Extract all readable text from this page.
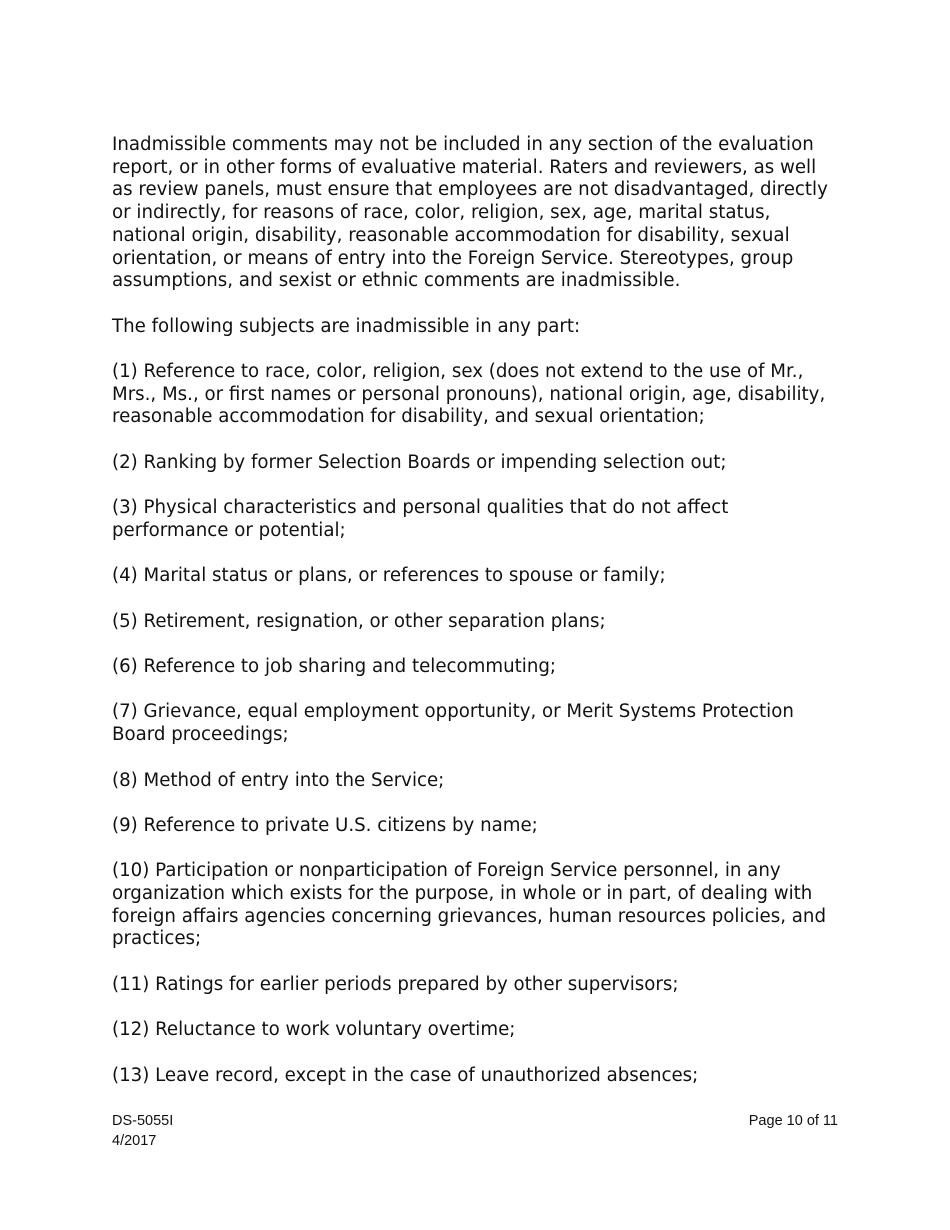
Inadmissible comments may not be included in any section of the evaluation report, or in other forms of evaluative material. Raters and reviewers, as well as review panels, must ensure that employees are not disadvantaged, directly or indirectly, for reasons of race, color, religion, sex, age, marital status, national origin, disability, reasonable accommodation for disability, sexual orientation, or means of entry into the Foreign Service. Stereotypes, group assumptions, and sexist or ethnic comments are inadmissible.

The following subjects are inadmissible in any part:

(1) Reference to race, color, religion, sex (does not extend to the use of Mr., Mrs., Ms., or first names or personal pronouns), national origin, age, disability, reasonable accommodation for disability, and sexual orientation;

(2) Ranking by former Selection Boards or impending selection out;

(3) Physical characteristics and personal qualities that do not affect performance or potential;

(4) Marital status or plans, or references to spouse or family;

(5) Retirement, resignation, or other separation plans;

(6) Reference to job sharing and telecommuting;

(7) Grievance, equal employment opportunity, or Merit Systems Protection Board proceedings;

(8) Method of entry into the Service;

(9) Reference to private U.S. citizens by name;

(10) Participation or nonparticipation of Foreign Service personnel, in any organization which exists for the purpose, in whole or in part, of dealing with foreign affairs agencies concerning grievances, human resources policies, and practices;

(11) Ratings for earlier periods prepared by other supervisors;

(12) Reluctance to work voluntary overtime;

(13) Leave record, except in the case of unauthorized absences;

DS-5055I
4/2017
Page 10 of 11
